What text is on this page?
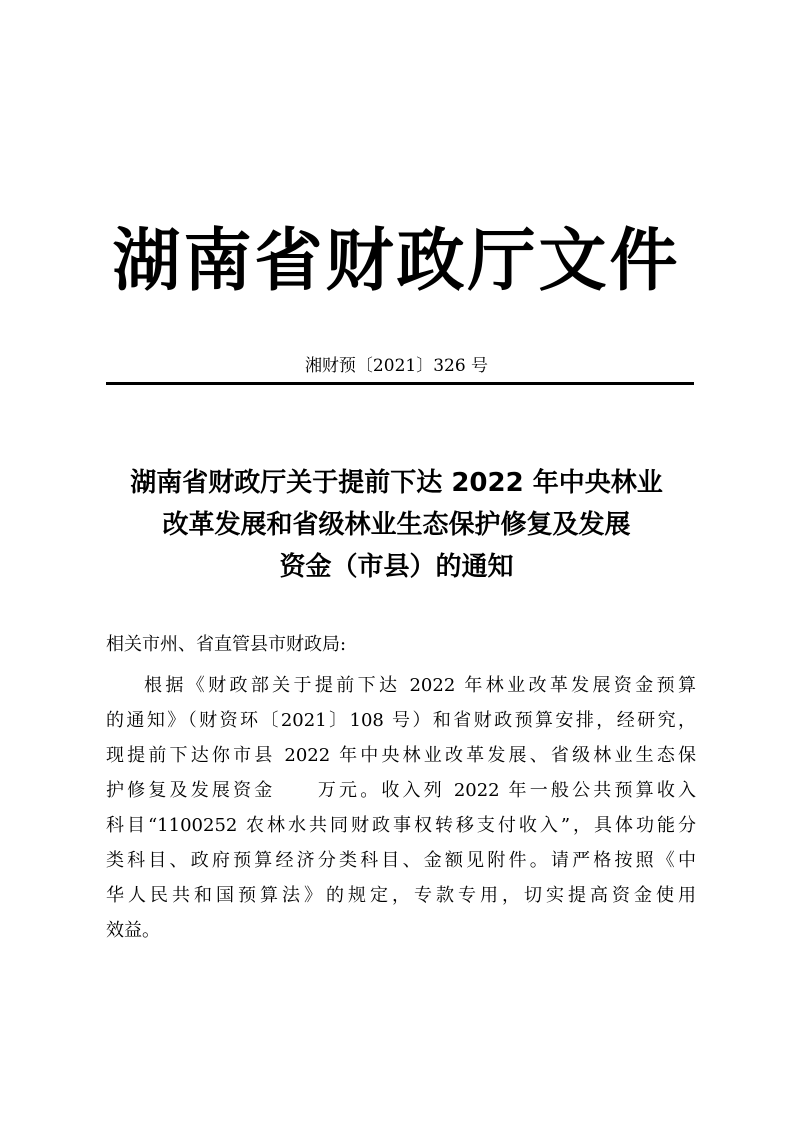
湖南省财政厅文件
湘财预〔2021〕326 号
湖南省财政厅关于提前下达 2022 年中央林业
改革发展和省级林业生态保护修复及发展
资金（市县）的通知
相关市州、省直管县市财政局:
根据《财政部关于提前下达 2022 年林业改革发展资金预算
的通知》（财资环〔2021〕108 号）和省财政预算安排，经研究，
现提前下达你市县 2022 年中央林业改革发展、省级林业生态保
护修复及发展资金　　万元。收入列 2022 年一般公共预算收入
科目“1100252 农林水共同财政事权转移支付收入”，具体功能分
类科目、政府预算经济分类科目、金额见附件。请严格按照《中
华人民共和国预算法》的规定，专款专用，切实提高资金使用
效益。
